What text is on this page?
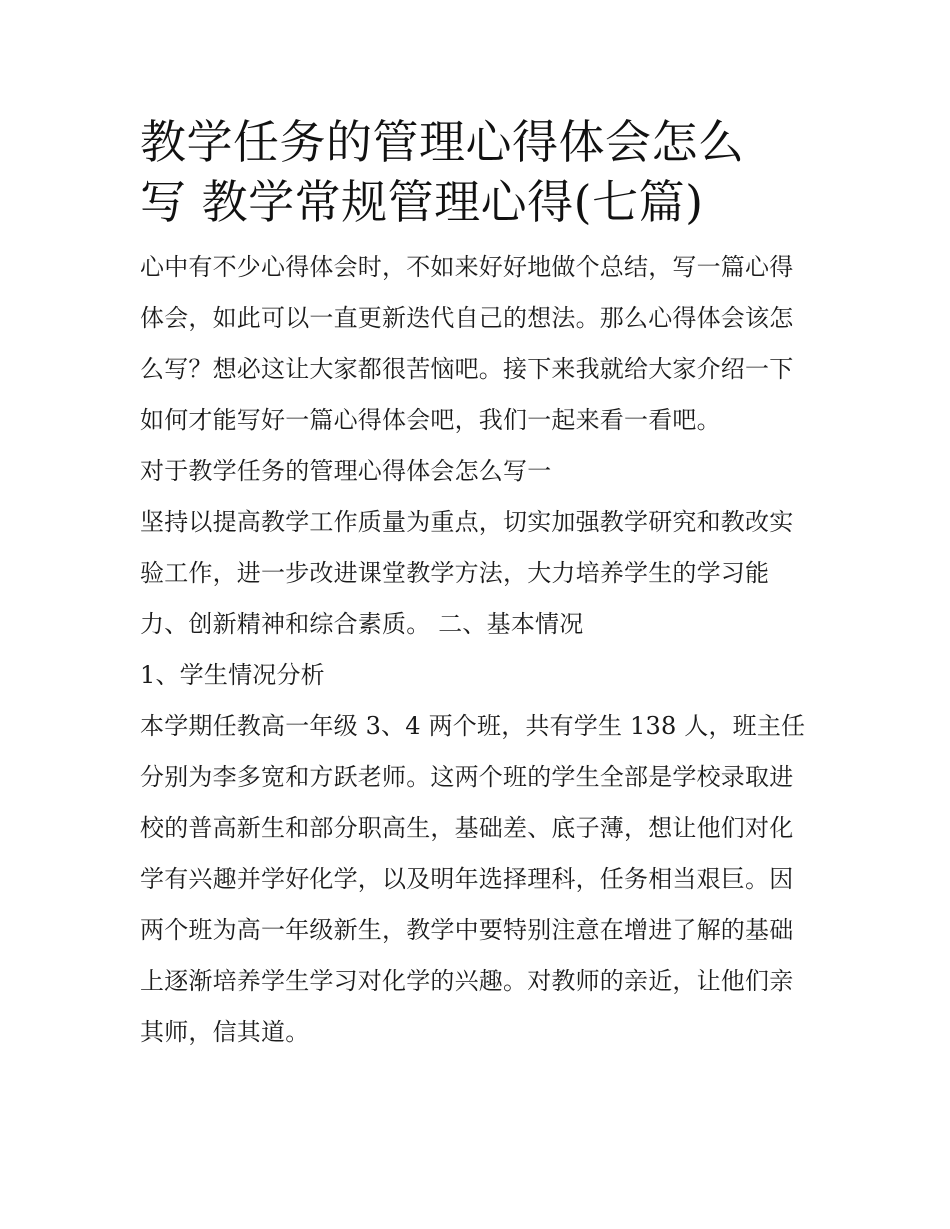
教学任务的管理心得体会怎么
写 教学常规管理心得(七篇)

心中有不少心得体会时，不如来好好地做个总结，写一篇心得
体会，如此可以一直更新迭代自己的想法。那么心得体会该怎
么写？想必这让大家都很苦恼吧。接下来我就给大家介绍一下
如何才能写好一篇心得体会吧，我们一起来看一看吧。

对于教学任务的管理心得体会怎么写一

坚持以提高教学工作质量为重点，切实加强教学研究和教改实
验工作，进一步改进课堂教学方法，大力培养学生的学习能
力、创新精神和综合素质。 二、基本情况

1、学生情况分析

本学期任教高一年级 3、4 两个班，共有学生 138 人，班主任
分别为李多宽和方跃老师。这两个班的学生全部是学校录取进
校的普高新生和部分职高生，基础差、底子薄，想让他们对化
学有兴趣并学好化学，以及明年选择理科，任务相当艰巨。因
两个班为高一年级新生，教学中要特别注意在增进了解的基础
上逐渐培养学生学习对化学的兴趣。对教师的亲近，让他们亲
其师，信其道。
